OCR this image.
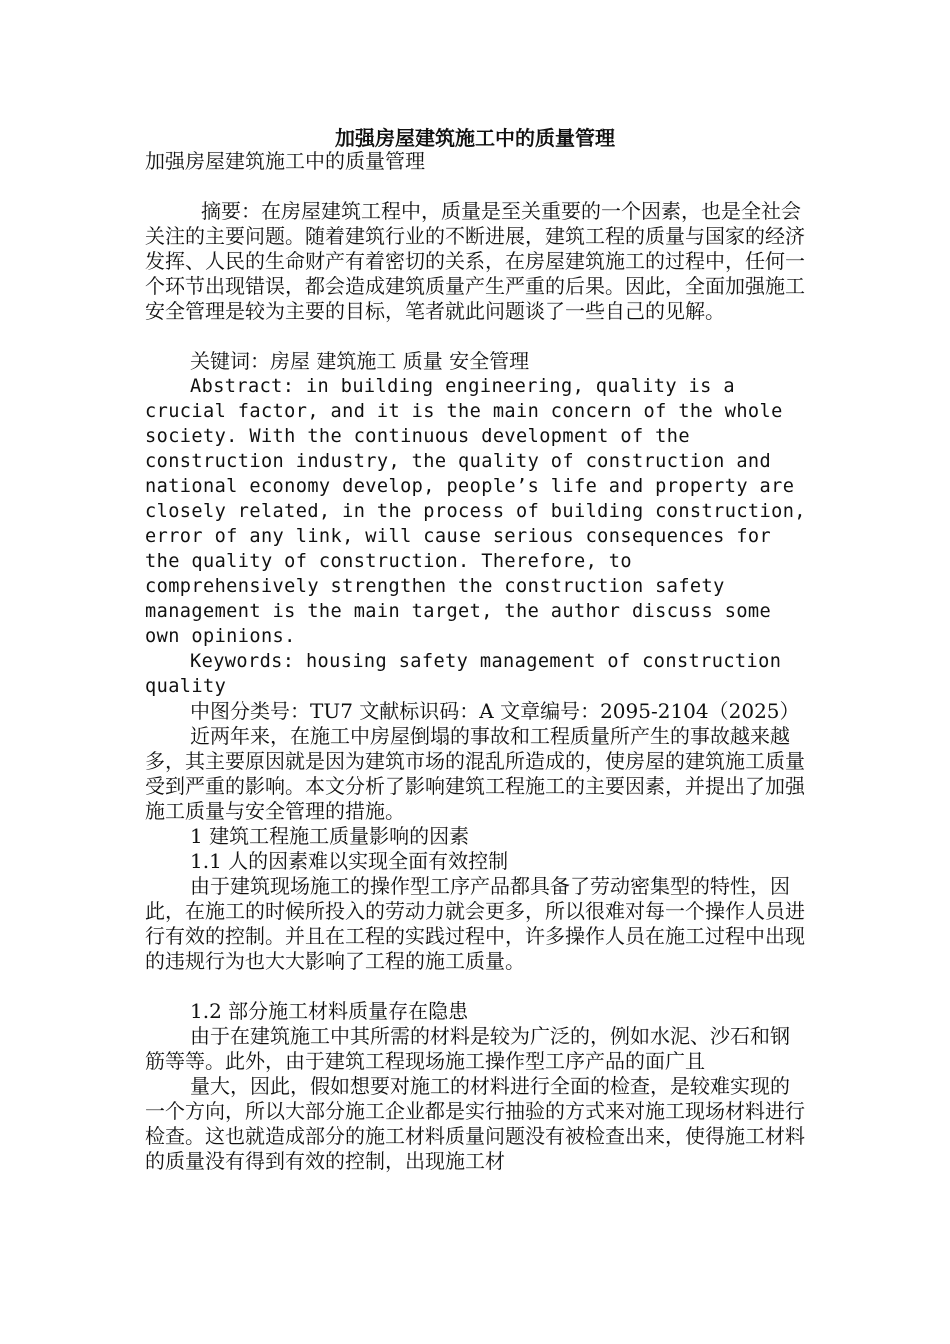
加强房屋建筑施工中的质量管理

加强房屋建筑施工中的质量管理

摘要：在房屋建筑工程中，质量是至关重要的一个因素，也是全社会关注的主要问题。随着建筑行业的不断进展，建筑工程的质量与国家的经济发挥、人民的生命财产有着密切的关系，在房屋建筑施工的过程中，任何一个环节出现错误，都会造成建筑质量产生严重的后果。因此，全面加强施工安全管理是较为主要的目标，笔者就此问题谈了一些自己的见解。

关键词：房屋 建筑施工 质量 安全管理

Abstract: in building engineering, quality is a crucial factor, and it is the main concern of the whole society. With the continuous development of the construction industry, the quality of construction and national economy develop, people’s life and property are closely related, in the process of building construction, error of any link, will cause serious consequences for the quality of construction. Therefore, to comprehensively strengthen the construction safety management is the main target, the author discuss some own opinions.

Keywords: housing safety management of construction quality

中图分类号：TU7 文献标识码：A 文章编号：2095-2104（2025）

近两年来，在施工中房屋倒塌的事故和工程质量所产生的事故越来越多，其主要原因就是因为建筑市场的混乱所造成的，使房屋的建筑施工质量受到严重的影响。本文分析了影响建筑工程施工的主要因素，并提出了加强施工质量与安全管理的措施。

1 建筑工程施工质量影响的因素

1.1 人的因素难以实现全面有效控制

由于建筑现场施工的操作型工序产品都具备了劳动密集型的特性，因此，在施工的时候所投入的劳动力就会更多，所以很难对每一个操作人员进行有效的控制。并且在工程的实践过程中，许多操作人员在施工过程中出现的违规行为也大大影响了工程的施工质量。

1.2 部分施工材料质量存在隐患

由于在建筑施工中其所需的材料是较为广泛的，例如水泥、沙石和钢筋等等。此外，由于建筑工程现场施工操作型工序产品的面广且

量大，因此，假如想要对施工的材料进行全面的检查，是较难实现的一个方向，所以大部分施工企业都是实行抽验的方式来对施工现场材料进行检查。这也就造成部分的施工材料质量问题没有被检查出来，使得施工材料的质量没有得到有效的控制，出现施工材
